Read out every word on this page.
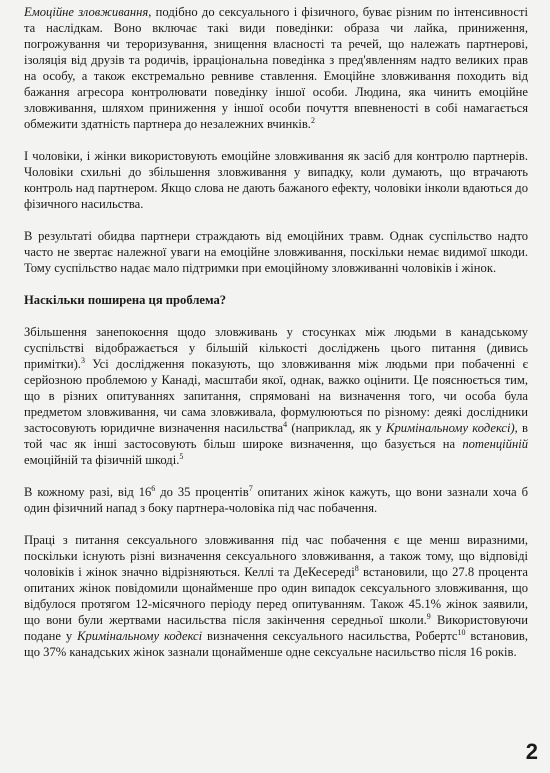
Емоційне зловживання, подібно до сексуального і фізичного, буває різним по інтенсивності та наслідкам. Воно включає такі види поведінки: образа чи лайка, приниження, погрожування чи тероризування, знищення власності та речей, що належать партнерові, ізоляція від друзів та родичів, ірраціональна поведінка з пред'явленням надто великих прав на особу, а також екстремально ревниве ставлення. Емоційне зловживання походить від бажання агресора контролювати поведінку іншої особи. Людина, яка чинить емоційне зловживання, шляхом приниження у іншої особи почуття впевненості в собі намагається обмежити здатність партнера до незалежних вчинків.$^2$

І чоловіки, і жінки використовують емоційне зловживання як засіб для контролю партнерів. Чоловіки схильні до збільшення зловживання у випадку, коли думають, що втрачають контроль над партнером. Якщо слова не дають бажаного ефекту, чоловіки інколи вдаються до фізичного насильства.

В результаті обидва партнери страждають від емоційних травм. Однак суспільство надто часто не звертає належної уваги на емоційне зловживання, поскільки немає видимої шкоди. Тому суспільство надає мало підтримки при емоційному зловживанні чоловіків і жінок.

Наскільки поширена ця проблема?

Збільшення занепокоєння щодо зловживань у стосунках між людьми в канадському суспільстві відображається у більшій кількості досліджень цього питання (дивись примітки).$^3$ Усі дослідження показують, що зловживання між людьми при побаченні є серйозною проблемою у Канаді, масштаби якої, однак, важко оцінити. Це пояснюється тим, що в різних опитуваннях запитання, спрямовані на визначення того, чи особа була предметом зловживання, чи сама зловживала, формулюються по різному: деякі дослідники застосовують юридичне визначення насильства$^4$ (наприклад, як у Кримінальному кодексі), в той час як інші застосовують більш широке визначення, що базується на потенційній емоційній та фізичній шкоді.$^5$

В кожному разі, від $16^6$ до 35 процентів$^7$ опитаних жінок кажуть, що вони зазнали хоча б один фізичний напад з боку партнера-чоловіка під час побачення.

Праці з питання сексуального зловживання під час побачення є ще менш виразними, поскільки існують різні визначення сексуального зловживання, а також тому, що відповіді чоловіків і жінок значно відрізняються. Келлі та ДеКесереді$^8$ встановили, що 27.8 процента опитаних жінок повідомили щонайменше про один випадок сексуального зловживання, що відбулося протягом 12-місячного періоду перед опитуванням. Також 45.1% жінок заявили, що вони були жертвами насильства після закінчення середньої школи.$^9$ Використовуючи подане у Кримінальному кодексі визначення сексуального насильства, Робертс$^{10}$ встановив, що 37% канадських жінок зазнали щонайменше одне сексуальне насильство після 16 років.

2
